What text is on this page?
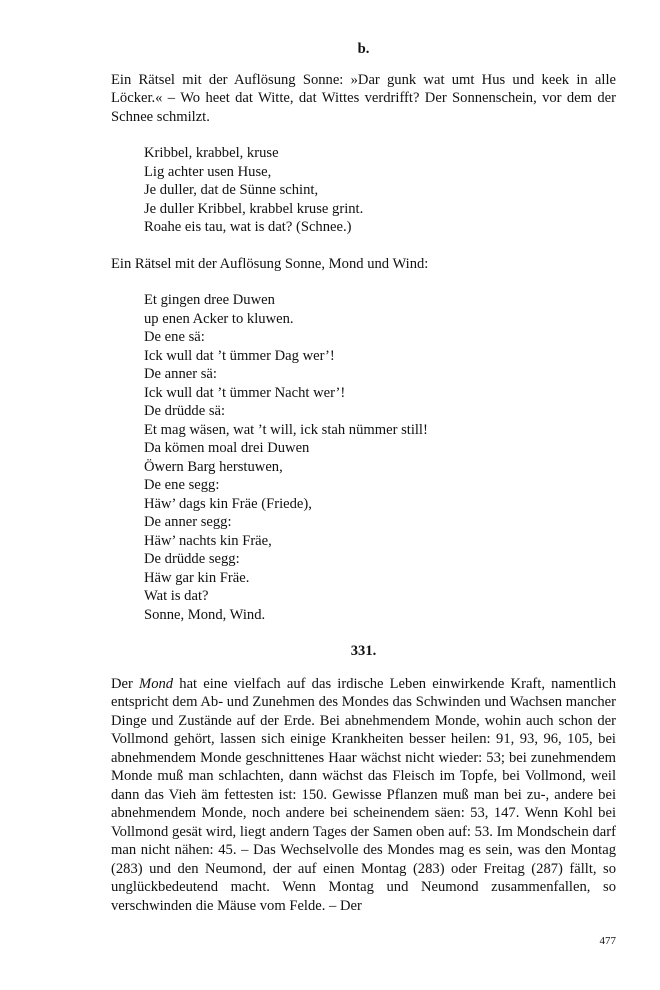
b.

Ein Rätsel mit der Auflösung Sonne: »Dar gunk wat umt Hus und keek in alle Löcker.« – Wo heet dat Witte, dat Wittes verdrifft? Der Sonnenschein, vor dem der Schnee schmilzt.

Kribbel, krabbel, kruse
Lig achter usen Huse,
Je duller, dat de Sünne schint,
Je duller Kribbel, krabbel kruse grint.
Roahe eis tau, wat is dat? (Schnee.)

Ein Rätsel mit der Auflösung Sonne, Mond und Wind:

Et gingen dree Duwen
up enen Acker to kluwen.
De ene sä:
Ick wull dat ’t ümmer Dag wer’!
De anner sä:
Ick wull dat ’t ümmer Nacht wer’!
De drüdde sä:
Et mag wäsen, wat ’t will, ick stah nümmer still!
Da kömen moal drei Duwen
Öwern Barg herstuwen,
De ene segg:
Häw’ dags kin Fräe (Friede),
De anner segg:
Häw’ nachts kin Fräe,
De drüdde segg:
Häw gar kin Fräe.
Wat is dat?
Sonne, Mond, Wind.
331.

Der Mond hat eine vielfach auf das irdische Leben einwirkende Kraft, namentlich entspricht dem Ab- und Zunehmen des Mondes das Schwinden und Wachsen mancher Dinge und Zustände auf der Erde. Bei abnehmendem Monde, wohin auch schon der Vollmond gehört, lassen sich einige Krankheiten besser heilen: 91, 93, 96, 105, bei abnehmendem Monde geschnittenes Haar wächst nicht wieder: 53; bei zunehmendem Monde muß man schlachten, dann wächst das Fleisch im Topfe, bei Vollmond, weil dann das Vieh äm fettesten ist: 150. Gewisse Pflanzen muß man bei zu-, andere bei abnehmendem Monde, noch andere bei scheinendem säen: 53, 147. Wenn Kohl bei Vollmond gesät wird, liegt andern Tages der Samen oben auf: 53. Im Mondschein darf man nicht nähen: 45. – Das Wechselvolle des Mondes mag es sein, was den Montag (283) und den Neumond, der auf einen Montag (283) oder Freitag (287) fällt, so unglückbedeutend macht. Wenn Montag und Neumond zusammenfallen, so verschwinden die Mäuse vom Felde. – Der

477
